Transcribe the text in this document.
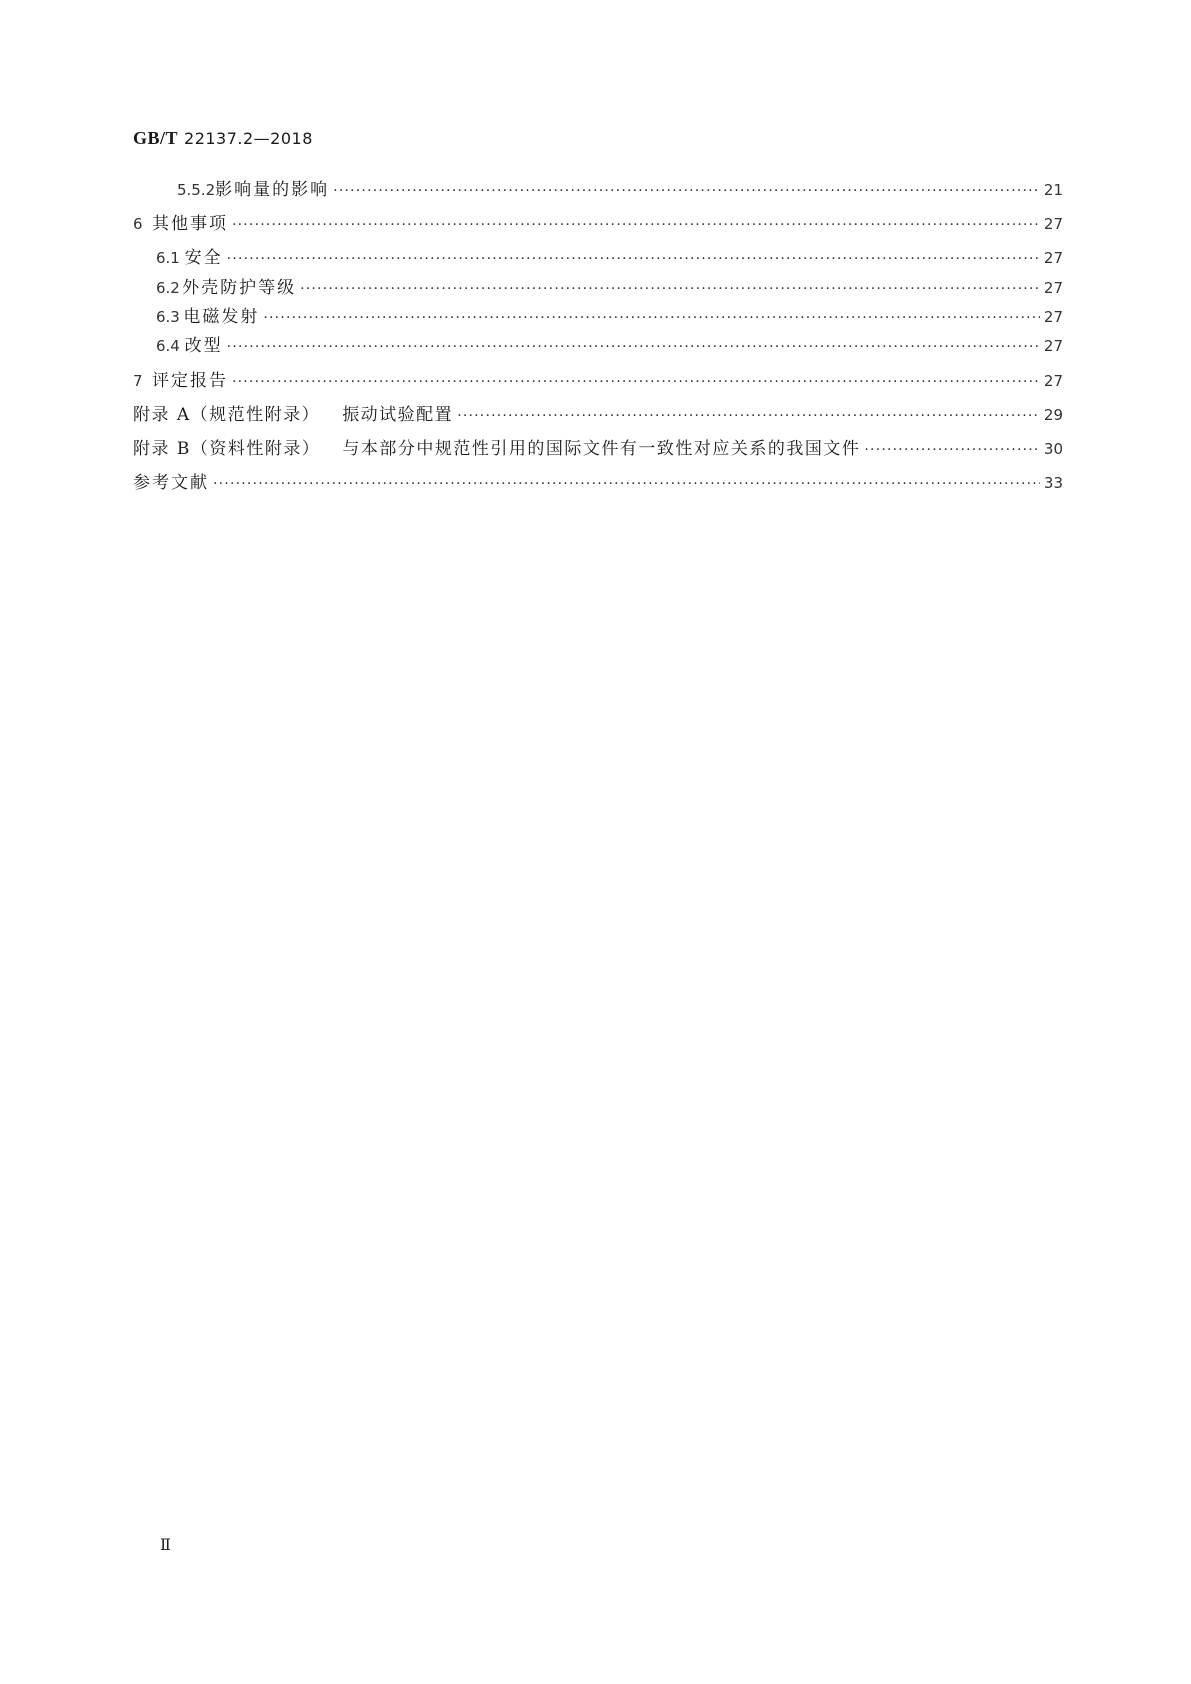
GB/T 22137.2—2018
5.5.2 影响量的影响 ·····	21
6 其他事项 ·····	27
6.1 安全 ·····	27
6.2 外壳防护等级 ·····	27
6.3 电磁发射 ·····	27
6.4 改型 ·····	27
7 评定报告 ·····	27
附录 A（规范性附录） 振动试验配置 ·····	29
附录 B（资料性附录） 与本部分中规范性引用的国际文件有一致性对应关系的我国文件 ·····	30
参考文献 ·····	33
Ⅱ
